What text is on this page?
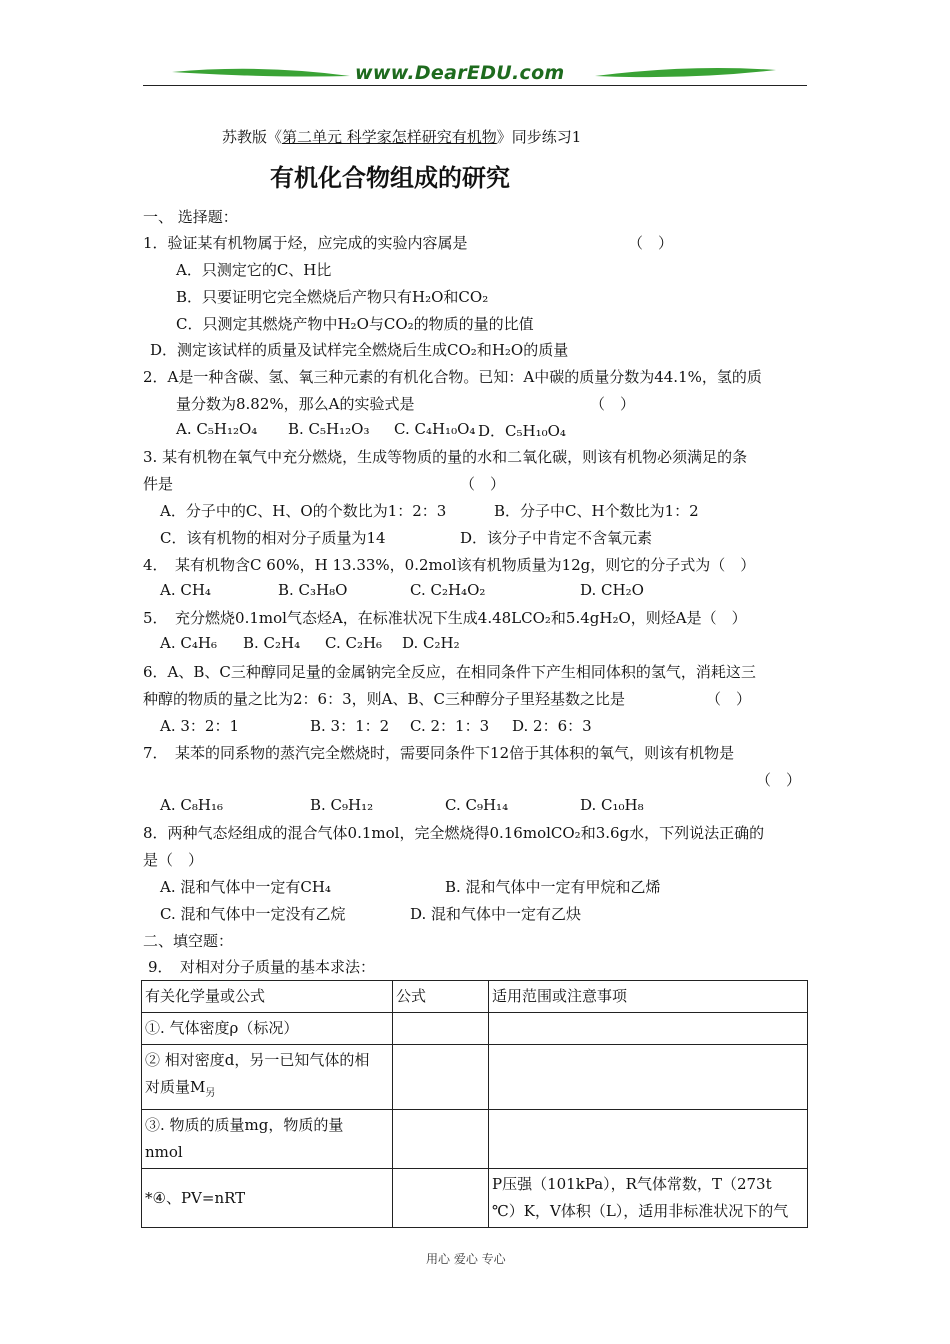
www.DearEDU.com
苏教版《第二单元 科学家怎样研究有机物》同步练习1
有机化合物组成的研究
一、 选择题：
1．验证某有机物属于烃，应完成的实验内容属是	（　）
A．只测定它的C、H比
B．只要证明它完全燃烧后产物只有H₂O和CO₂
C．只测定其燃烧产物中H₂O与CO₂的物质的量的比值
D．测定该试样的质量及试样完全燃烧后生成CO₂和H₂O的质量
2．A是一种含碳、氢、氧三种元素的有机化合物。已知：A中碳的质量分数为44.1%，氢的质
量分数为8.82%，那么A的实验式是	（　）
A. C₅H₁₂O₄ B. C₅H₁₂O₃ C. C₄H₁₀O₄ D．C₅H₁₀O₄
3. 某有机物在氧气中充分燃烧，生成等物质的量的水和二氧化碳，则该有机物必须满足的条
件是	（　）
A．分子中的C、H、O的个数比为1：2：3	B．分子中C、H个数比为1：2
C．该有机物的相对分子质量为14	D．该分子中肯定不含氧元素
4．　某有机物含C 60%，H 13.33%，0.2mol该有机物质量为12g，则它的分子式为（　）
A. CH₄	B. C₃H₈O	C. C₂H₄O₂	D. CH₂O
5．　充分燃烧0.1mol气态烃A，在标准状况下生成4.48LCO₂和5.4gH₂O，则烃A是（　）
A. C₄H₆ B. C₂H₄ C. C₂H₆ D. C₂H₂
6．A、B、C三种醇同足量的金属钠完全反应，在相同条件下产生相同体积的氢气，消耗这三
种醇的物质的量之比为2：6：3，则A、B、C三种醇分子里羟基数之比是	（　）
A. 3：2：1	B. 3：1：2 C. 2：1：3 D. 2：6：3
7．　某苯的同系物的蒸汽完全燃烧时，需要同条件下12倍于其体积的氧气，则该有机物是
（　）
A. C₈H₁₆	B. C₉H₁₂	C. C₉H₁₄	D. C₁₀H₈
8．两种气态烃组成的混合气体0.1mol，完全燃烧得0.16molCO₂和3.6g水，下列说法正确的
是（　）
A. 混和气体中一定有CH₄	B. 混和气体中一定有甲烷和乙烯
C. 混和气体中一定没有乙烷	D. 混和气体中一定有乙炔
二、填空题：
9．　对相对分子质量的基本求法：
有关化学量或公式	公式	适用范围或注意事项
①. 气体密度ρ（标况）		

② 相对密度d，另一已知气体的相
对质量$M_另$

③. 物质的质量mg，物质的量
nmol		

*④、PV=nRT		P压强（101kPa），R气体常数，T（273t
℃）K，V体积（L），适用非标准状况下的气
用心 爱心 专心
